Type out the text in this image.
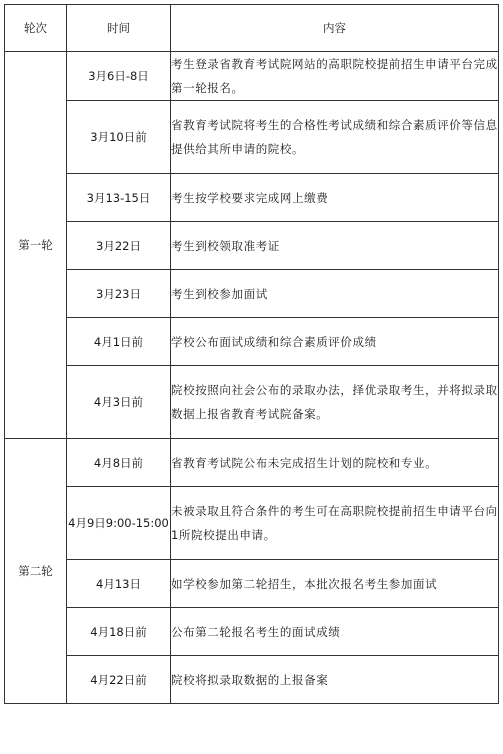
轮次	时间	内容
第一轮	3月6日-8日	考生登录省教育考试院网站的高职院校提前招生申请平台完成第一轮报名。
	3月10日前	省教育考试院将考生的合格性考试成绩和综合素质评价等信息提供给其所申请的院校。
	3月13-15日	考生按学校要求完成网上缴费
	3月22日	考生到校领取准考证
	3月23日	考生到校参加面试
	4月1日前	学校公布面试成绩和综合素质评价成绩
	4月3日前	院校按照向社会公布的录取办法，择优录取考生，并将拟录取数据上报省教育考试院备案。
第二轮	4月8日前	省教育考试院公布未完成招生计划的院校和专业。
	4月9日9:00-15:00	未被录取且符合条件的考生可在高职院校提前招生申请平台向1所院校提出申请。
	4月13日	如学校参加第二轮招生，本批次报名考生参加面试
	4月18日前	公布第二轮报名考生的面试成绩
	4月22日前	院校将拟录取数据的上报备案
